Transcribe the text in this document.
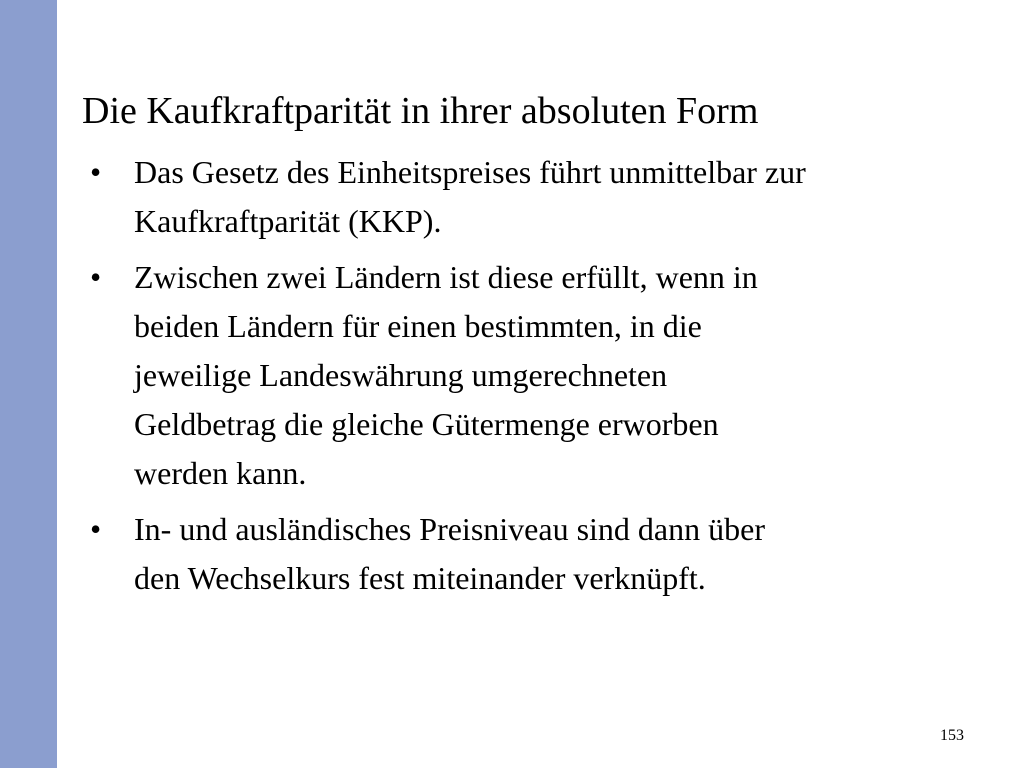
Die Kaufkraftparität in ihrer absoluten Form
• Das Gesetz des Einheitspreises führt unmittelbar zur
Kaufkraftparität (KKP).
• Zwischen zwei Ländern ist diese erfüllt, wenn in
beiden Ländern für einen bestimmten, in die
jeweilige Landeswährung umgerechneten
Geldbetrag die gleiche Gütermenge erworben
werden kann.
• In- und ausländisches Preisniveau sind dann über
den Wechselkurs fest miteinander verknüpft.
153
